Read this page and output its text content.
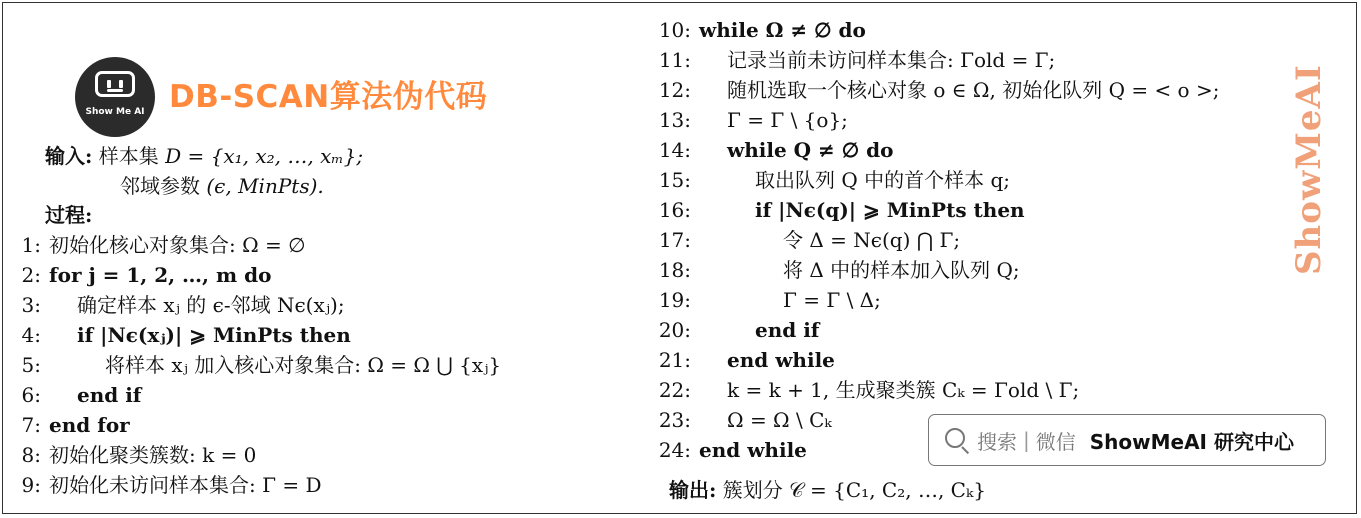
Show Me AI DB-SCAN算法伪代码
输入: 样本集 D = {x₁, x₂, …, xₘ};
邻域参数 (ϵ, MinPts).
过程:
1: 初始化核心对象集合: Ω = ∅
2: for j = 1, 2, …, m do
3: 确定样本 xⱼ 的 ϵ-邻域 Nϵ(xⱼ);
4: if |Nϵ(xⱼ)| ⩾ MinPts then
5:	将样本 xⱼ 加入核心对象集合: Ω = Ω ⋃ {xⱼ}
6: end if
7: end for
8: 初始化聚类簇数: k = 0
9: 初始化未访问样本集合: Γ = D
10: while Ω ≠ ∅ do
11: 记录当前未访问样本集合: Γold = Γ;
12: 随机选取一个核心对象 o ∈ Ω, 初始化队列 Q = < o >;
13: Γ = Γ \ {o};
14: while Q ≠ ∅ do
15:	取出队列 Q 中的首个样本 q;
16:	if |Nϵ(q)| ⩾ MinPts then
17:	令 Δ = Nϵ(q) ⋂ Γ;
18:	将 Δ 中的样本加入队列 Q;
19:	Γ = Γ \ Δ;
20:	end if
21: end while
22: k = k + 1, 生成聚类簇 Cₖ = Γold \ Γ;
23: Ω = Ω \ Cₖ
24: end while
输出: 簇划分 𝒞 = {C₁, C₂, …, Cₖ}
ShowMeAI
搜索 | 微信 ShowMeAI 研究中心
